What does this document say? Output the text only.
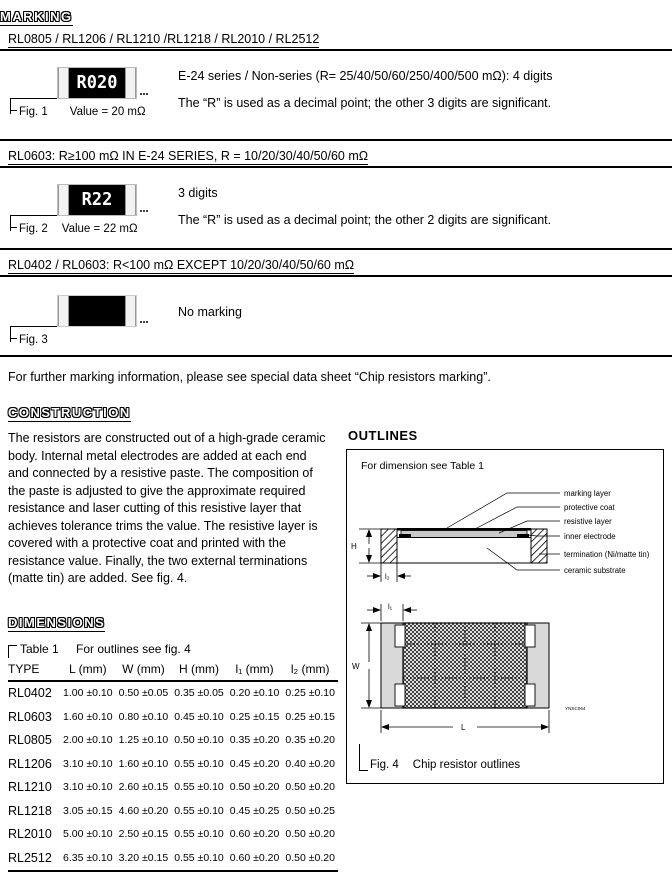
MARKING
RL0805 / RL1206 / RL1210 /RL1218 / RL2010 / RL2512
R020
Fig. 1 Value = 20 mΩ

E-24 series / Non-series (R= 25/40/50/60/250/400/500 mΩ): 4 digits

The “R” is used as a decimal point; the other 3 digits are significant.

RL0603: R≥100 mΩ IN E-24 SERIES, R = 10/20/30/40/50/60 mΩ
R22
Fig. 2 Value = 22 mΩ

3 digits

The “R” is used as a decimal point; the other 2 digits are significant.

RL0402 / RL0603: R<100 mΩ EXCEPT 10/20/30/40/50/60 mΩ
Fig. 3

No marking

For further marking information, please see special data sheet “Chip resistors marking”.
CONSTRUCTION
The resistors are constructed out of a high-grade ceramic body. Internal metal electrodes are added at each end and connected by a resistive paste. The composition of the paste is adjusted to give the approximate required resistance and laser cutting of this resistive layer that achieves tolerance trims the value. The resistive layer is covered with a protective coat and printed with the resistance value. Finally, the two external terminations (matte tin) are added. See fig. 4.
DIMENSIONS
Table 1 For outlines see fig. 4
TYPE	L (mm)	W (mm)	H (mm)	l₁ (mm)	l₂ (mm)
RL0402	1.00 ±0.10	0.50 ±0.05	0.35 ±0.05	0.20 ±0.10	0.25 ±0.10
RL0603	1.60 ±0.10	0.80 ±0.10	0.45 ±0.10	0.25 ±0.15	0.25 ±0.15
RL0805	2.00 ±0.10	1.25 ±0.10	0.50 ±0.10	0.35 ±0.20	0.35 ±0.20
RL1206	3.10 ±0.10	1.60 ±0.10	0.55 ±0.10	0.45 ±0.20	0.40 ±0.20
RL1210	3.10 ±0.10	2.60 ±0.15	0.55 ±0.10	0.50 ±0.20	0.50 ±0.20
RL1218	3.05 ±0.15	4.60 ±0.20	0.55 ±0.10	0.45 ±0.25	0.50 ±0.25
RL2010	5.00 ±0.10	2.50 ±0.15	0.55 ±0.10	0.60 ±0.20	0.50 ±0.20
RL2512	6.35 ±0.10	3.20 ±0.15	0.55 ±0.10	0.60 ±0.20	0.50 ±0.20
OUTLINES
For dimension see Table 1
H
l₂
marking layer
protective coat
resistive layer
inner electrode
termination (Ni/matte tin)
ceramic substrate
l₁
W
L
YNSC064
Fig. 4 Chip resistor outlines
